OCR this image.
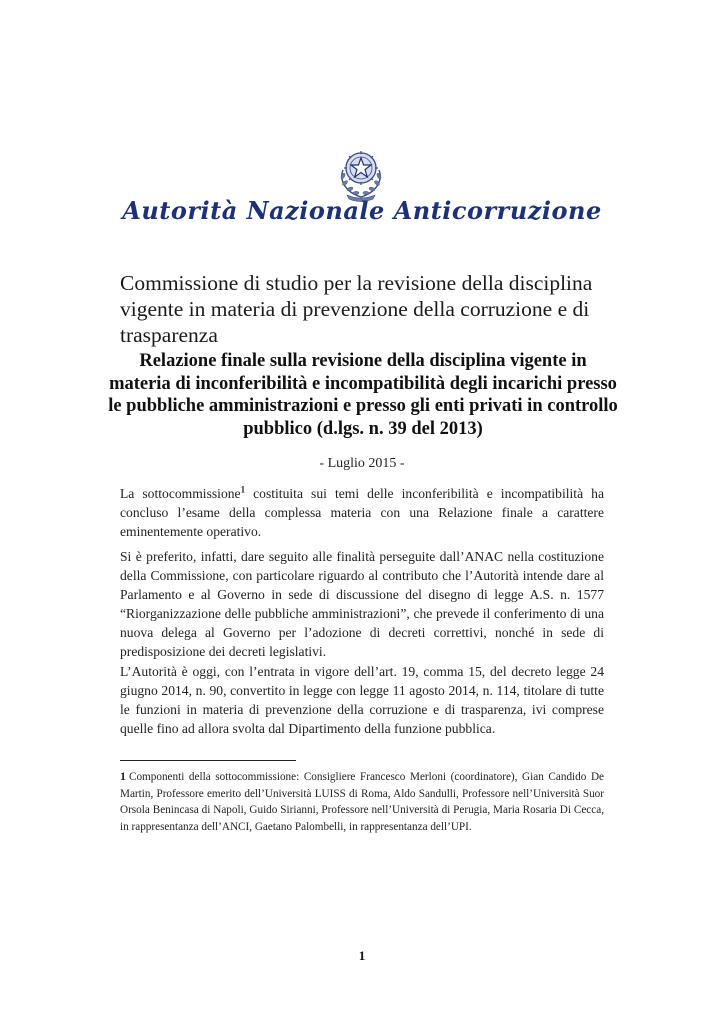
Autorità Nazionale Anticorruzione
Commissione di studio per la revisione della disciplina vigente in materia di prevenzione della corruzione e di trasparenza
Relazione finale sulla revisione della disciplina vigente in materia di inconferibilità e incompatibilità degli incarichi presso le pubbliche amministrazioni e presso gli enti privati in controllo pubblico (d.lgs. n. 39 del 2013)
- Luglio 2015 -

La sottocommissione$^1$ costituita sui temi delle inconferibilità e incompatibilità ha concluso l’esame della complessa materia con una Relazione finale a carattere eminentemente operativo.

Si è preferito, infatti, dare seguito alle finalità perseguite dall’ANAC nella costituzione della Commissione, con particolare riguardo al contributo che l’Autorità intende dare al Parlamento e al Governo in sede di discussione del disegno di legge A.S. n. 1577 “Riorganizzazione delle pubbliche amministrazioni”, che prevede il conferimento di una nuova delega al Governo per l’adozione di decreti correttivi, nonché in sede di predisposizione dei decreti legislativi.

L’Autorità è oggi, con l’entrata in vigore dell’art. 19, comma 15, del decreto legge 24 giugno 2014, n. 90, convertito in legge con legge 11 agosto 2014, n. 114, titolare di tutte le funzioni in materia di prevenzione della corruzione e di trasparenza, ivi comprese quelle fino ad allora svolta dal Dipartimento della funzione pubblica.

1 Componenti della sottocommissione: Consigliere Francesco Merloni (coordinatore), Gian Candido De Martin, Professore emerito dell’Università LUISS di Roma, Aldo Sandulli, Professore nell’Università Suor Orsola Benincasa di Napoli, Guido Sirianni, Professore nell’Università di Perugia, Maria Rosaria Di Cecca, in rappresentanza dell’ANCI, Gaetano Palombelli, in rappresentanza dell’UPI.

1
